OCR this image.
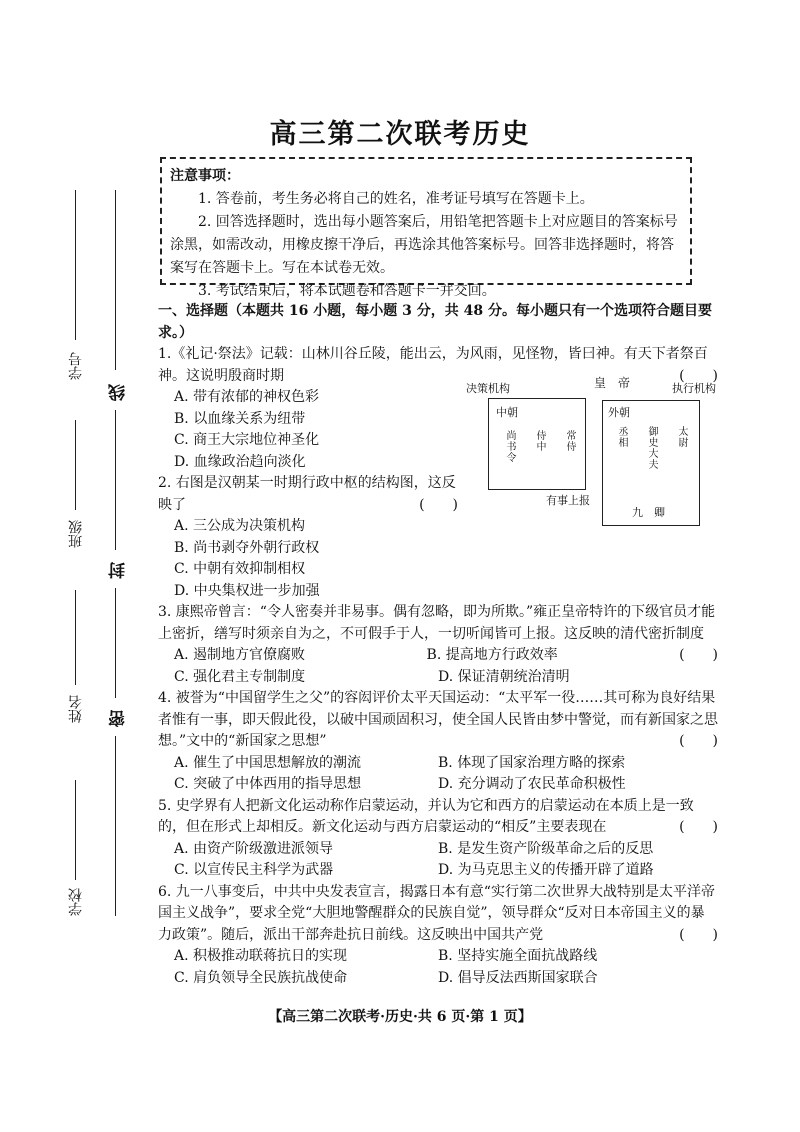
高三第二次联考历史
注意事项：
1. 答卷前，考生务必将自己的姓名，准考证号填写在答题卡上。
2. 回答选择题时，选出每小题答案后，用铅笔把答题卡上对应题目的答案标号涂黑，如需改动，用橡皮擦干净后，再选涂其他答案标号。回答非选择题时，将答案写在答题卡上。写在本试卷无效。
3. 考试结束后，将本试题卷和答题卡一并交回。
学号
班级
姓名
学校
线
封
密
决策机构	皇　帝	执行机构
中朝
尚书令 侍中 常侍
有事上报
外朝
丞相 御史大夫 太尉
九　卿
一、选择题（本题共 16 小题，每小题 3 分，共 48 分。每小题只有一个选项符合题目要求。）
1.《礼记·祭法》记载：山林川谷丘陵，能出云，为风雨，见怪物，皆曰神。有天下者祭百神。这说明殷商时期	(　　)
A. 带有浓郁的神权色彩
B. 以血缘关系为纽带
C. 商王大宗地位神圣化
D. 血缘政治趋向淡化
2. 右图是汉朝某一时期行政中枢的结构图，这反映了	(　　)
A. 三公成为决策机构
B. 尚书剥夺外朝行政权
C. 中朝有效抑制相权
D. 中央集权进一步加强
3. 康熙帝曾言：“令人密奏并非易事。偶有忽略，即为所欺。”雍正皇帝特许的下级官员才能上密折，缮写时须亲自为之，不可假手于人，一切听闻皆可上报。这反映的清代密折制度
(　　)
A. 遏制地方官僚腐败	B. 提高地方行政效率
C. 强化君主专制制度	D. 保证清朝统治清明
4. 被誉为“中国留学生之父”的容闳评价太平天国运动：“太平军一役……其可称为良好结果者惟有一事，即天假此役，以破中国顽固积习，使全国人民皆由梦中警觉，而有新国家之思想。”文中的“新国家之思想”	(　　)
A. 催生了中国思想解放的潮流	B. 体现了国家治理方略的探索
C. 突破了中体西用的指导思想	D. 充分调动了农民革命积极性
5. 史学界有人把新文化运动称作启蒙运动，并认为它和西方的启蒙运动在本质上是一致的，但在形式上却相反。新文化运动与西方启蒙运动的“相反”主要表现在	(　　)
A. 由资产阶级激进派领导	B. 是发生资产阶级革命之后的反思
C. 以宣传民主科学为武器	D. 为马克思主义的传播开辟了道路
6. 九一八事变后，中共中央发表宣言，揭露日本有意“实行第二次世界大战特别是太平洋帝国主义战争”，要求全党“大胆地警醒群众的民族自觉”，领导群众“反对日本帝国主义的暴力政策”。随后，派出干部奔赴抗日前线。这反映出中国共产党	(　　)
A. 积极推动联蒋抗日的实现	B. 坚持实施全面抗战路线
C. 肩负领导全民族抗战使命	D. 倡导反法西斯国家联合
【高三第二次联考·历史·共 6 页·第 1 页】
